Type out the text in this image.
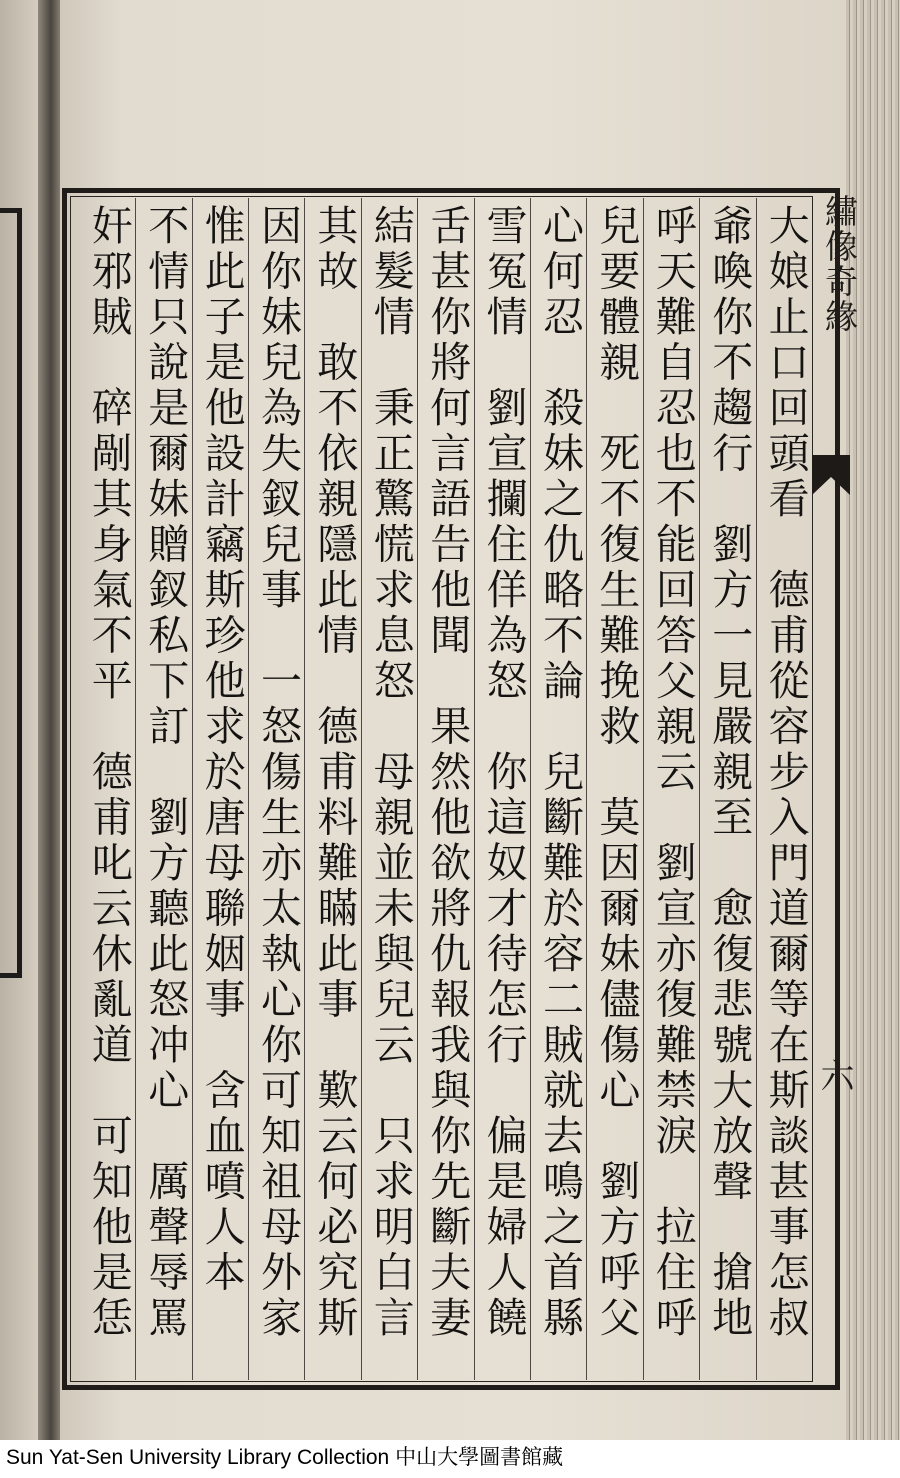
大娘止口回頭看　德甫從容步入門道爾等在斯談甚事怎叔
爺喚你不趨行　劉方一見嚴親至　愈復悲號大放聲　搶地
呼天難自忍也不能回答父親云　劉宣亦復難禁淚　拉住呼
兒要體親　死不復生難挽救　莫因爾妹儘傷心　劉方呼父
心何忍　殺妹之仇略不論　兒斷難於容二賊就去鳴之首縣
雪冤情　劉宣攔住佯為怒　你這奴才待怎行　偏是婦人饒
舌甚你將何言語告他聞　果然他欲將仇報我與你先斷夫妻
結髮情　秉正驚慌求息怒　母親並未與兒云　只求明白言
其故　敢不依親隱此情　德甫料難瞞此事　歎云何必究斯
因你妹兒為失釵兒事　一怒傷生亦太執心你可知祖母外家
惟此子是他設計竊斯珍他求於唐母聯姻事　含血噴人本
不情只說是爾妹贈釵私下訂　劉方聽此怒冲心　厲聲辱罵
奸邪賊　碎剮其身氣不平　德甫叱云休亂道　可知他是恁	繡像奇緣
六
Sun Yat-Sen University Library Collection 中山大學圖書館藏
